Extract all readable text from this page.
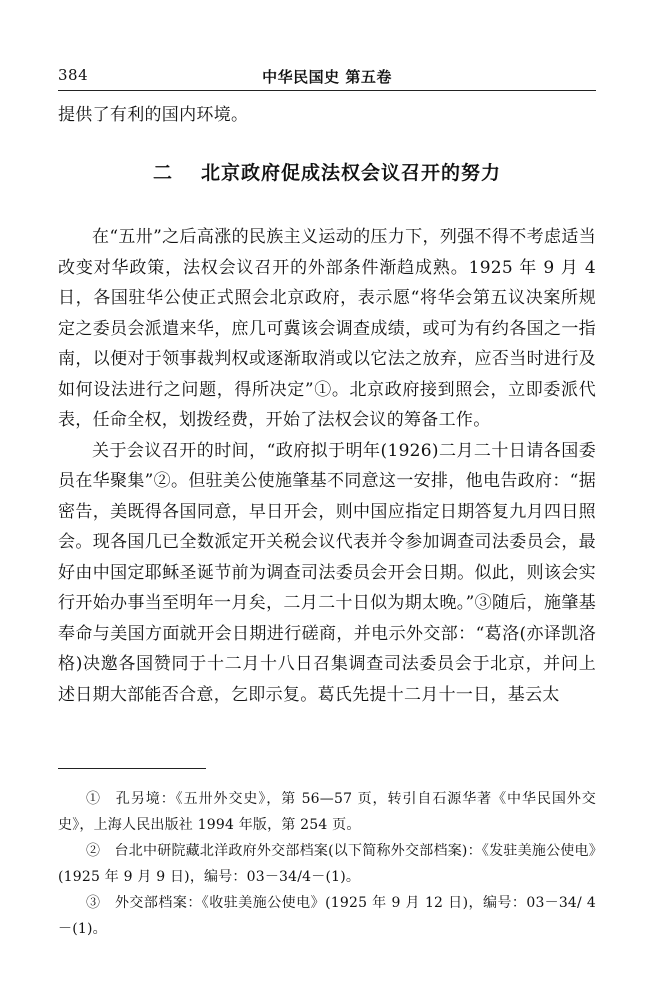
384	中华民国史 第五卷
提供了有利的国内环境。
二 北京政府促成法权会议召开的努力

在“五卅”之后高涨的民族主义运动的压力下，列强不得不考虑适当改变对华政策，法权会议召开的外部条件渐趋成熟。1925 年 9 月 4 日，各国驻华公使正式照会北京政府，表示愿“将华会第五议决案所规定之委员会派遣来华，庶几可冀该会调查成绩，或可为有约各国之一指南，以便对于领事裁判权或逐渐取消或以它法之放弃，应否当时进行及如何设法进行之问题，得所决定”①。北京政府接到照会，立即委派代表，任命全权，划拨经费，开始了法权会议的筹备工作。

关于会议召开的时间，“政府拟于明年(1926)二月二十日请各国委员在华聚集”②。但驻美公使施肇基不同意这一安排，他电告政府：“据密告，美既得各国同意，早日开会，则中国应指定日期答复九月四日照会。现各国几已全数派定开关税会议代表并令参加调查司法委员会，最好由中国定耶稣圣诞节前为调查司法委员会开会日期。似此，则该会实行开始办事当至明年一月矣，二月二十日似为期太晚。”③随后，施肇基奉命与美国方面就开会日期进行磋商，并电示外交部：“葛洛(亦译凯洛格)决邀各国赞同于十二月十八日召集调查司法委员会于北京，并问上述日期大部能否合意，乞即示复。葛氏先提十二月十一日，基云太

①　孔另境：《五卅外交史》，第 56—57 页，转引自石源华著《中华民国外交史》，上海人民出版社 1994 年版，第 254 页。

②　台北中研院藏北洋政府外交部档案(以下简称外交部档案)：《发驻美施公使电》(1925 年 9 月 9 日)，编号：03－34/4－(1)。

③　外交部档案：《收驻美施公使电》(1925 年 9 月 12 日)，编号：03－34/ 4－(1)。
